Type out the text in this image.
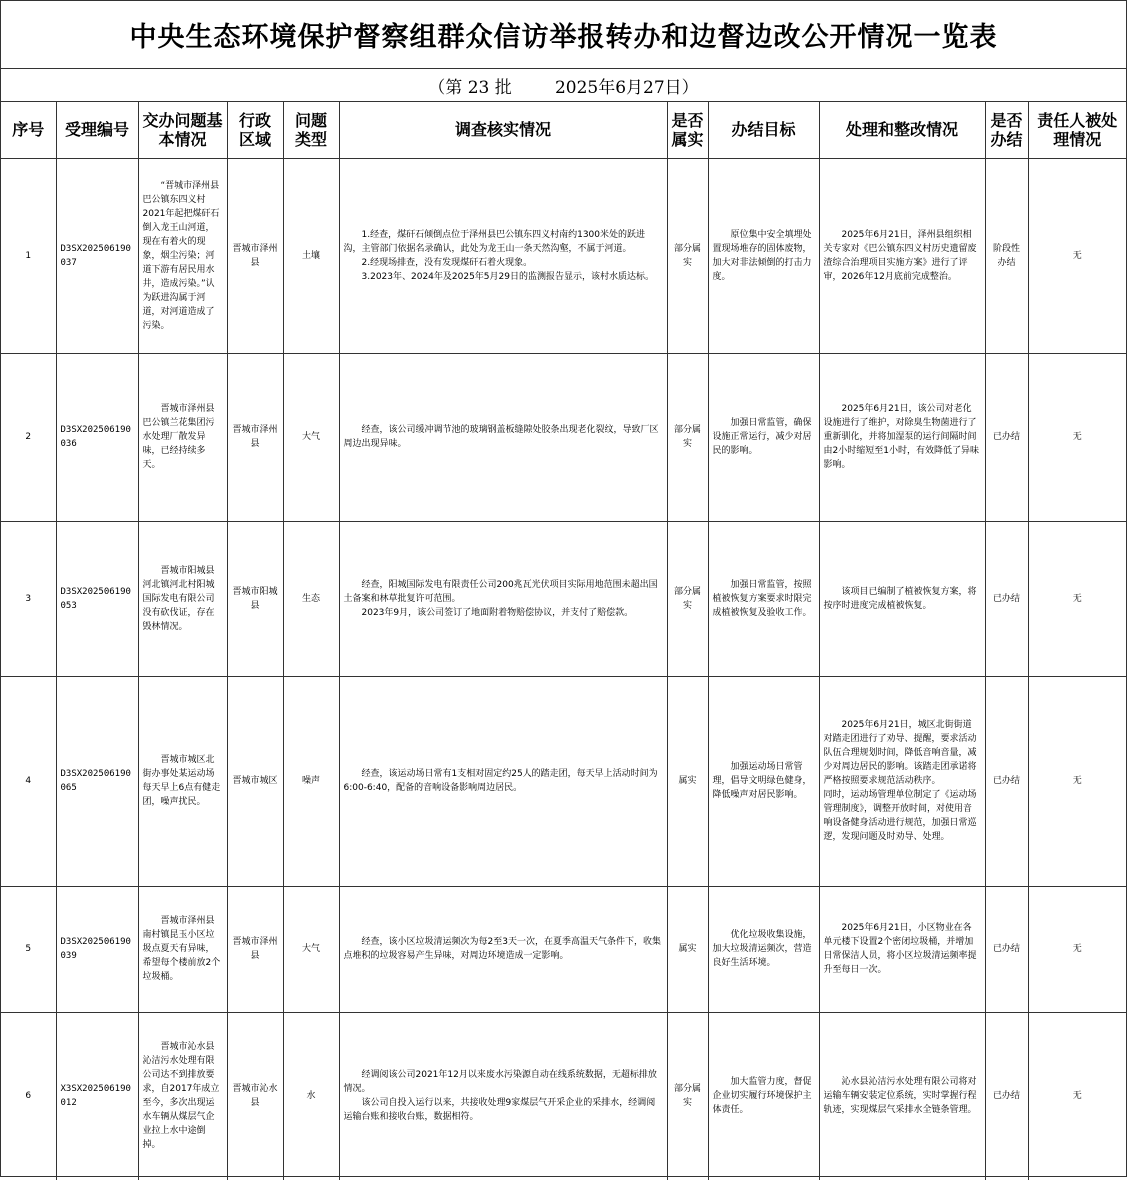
中央生态环境保护督察组群众信访举报转办和边督边改公开情况一览表
（第 23 批        2025年6月27日）
序号	受理编号	交办问题基本情况	行政区域	问题类型	调查核实情况	是否属实	办结目标	处理和整改情况	是否办结	责任人被处理情况
1	D3SX202506190037	“晋城市泽州县巴公镇东四义村2021年起把煤矸石倒入龙王山河道，现在有着火的现象，烟尘污染；河道下游有居民用水井，造成污染。”认为跃进沟属于河道，对河道造成了污染。	晋城市泽州县	土壤	1.经查，煤矸石倾倒点位于泽州县巴公镇东四义村南约1300米处的跃进沟，主管部门依据名录确认，此处为龙王山一条天然沟壑，不属于河道。
2.经现场排查，没有发现煤矸石着火现象。
3.2023年、2024年及2025年5月29日的监测报告显示，该村水质达标。	部分属实	原位集中安全填埋处置现场堆存的固体废物，加大对非法倾倒的打击力度。	2025年6月21日，泽州县组织相关专家对《巴公镇东四义村历史遗留废渣综合治理项目实施方案》进行了评审，2026年12月底前完成整治。	阶段性办结	无
2	D3SX202506190036	晋城市泽州县巴公镇兰花集团污水处理厂散发异味，已经持续多天。	晋城市泽州县	大气	经查，该公司缓冲调节池的玻璃钢盖板缝隙处胶条出现老化裂纹，导致厂区周边出现异味。	部分属实	加强日常监管，确保设施正常运行，减少对居民的影响。	2025年6月21日，该公司对老化设施进行了维护，对除臭生物菌进行了重新驯化，并将加湿泵的运行间隔时间由2小时缩短至1小时，有效降低了异味影响。	已办结	无
3	D3SX202506190053	晋城市阳城县河北镇河北村阳城国际发电有限公司没有砍伐证，存在毁林情况。	晋城市阳城县	生态	经查，阳城国际发电有限责任公司200兆瓦光伏项目实际用地范围未超出国土备案和林草批复许可范围。
2023年9月，该公司签订了地面附着物赔偿协议，并支付了赔偿款。	部分属实	加强日常监管，按照植被恢复方案要求时限完成植被恢复及验收工作。	该项目已编制了植被恢复方案，将按序时进度完成植被恢复。	已办结	无
4	D3SX202506190065	晋城市城区北街办事处某运动场每天早上6点有健走团，噪声扰民。	晋城市城区	噪声	经查，该运动场日常有1支相对固定约25人的踏走团，每天早上活动时间为6:00-6:40，配备的音响设备影响周边居民。	属实	加强运动场日常管理，倡导文明绿色健身，降低噪声对居民影响。	2025年6月21日，城区北街街道对踏走团进行了劝导、提醒，要求活动队伍合理规划时间，降低音响音量，减少对周边居民的影响。该踏走团承诺将严格按照要求规范活动秩序。
同时，运动场管理单位制定了《运动场管理制度》，调整开放时间，对使用音响设备健身活动进行规范，加强日常巡逻，发现问题及时劝导、处理。	已办结	无
5	D3SX202506190039	晋城市泽州县南村镇昆玉小区垃圾点夏天有异味，希望每个楼前放2个垃圾桶。	晋城市泽州县	大气	经查，该小区垃圾清运频次为每2至3天一次，在夏季高温天气条件下，收集点堆积的垃圾容易产生异味，对周边环境造成一定影响。	属实	优化垃圾收集设施，加大垃圾清运频次，营造良好生活环境。	2025年6月21日，小区物业在各单元楼下设置2个密闭垃圾桶，并增加日常保洁人员，将小区垃圾清运频率提升至每日一次。	已办结	无
6	X3SX202506190012	晋城市沁水县沁洁污水处理有限公司达不到排放要求，自2017年成立至今，多次出现运水车辆从煤层气企业拉上水中途倒掉。	晋城市沁水县	水	经调阅该公司2021年12月以来废水污染源自动在线系统数据，无超标排放情况。
该公司自投入运行以来，共接收处理9家煤层气开采企业的采排水，经调阅运输台账和接收台账，数据相符。	部分属实	加大监管力度，督促企业切实履行环境保护主体责任。	沁水县沁洁污水处理有限公司将对运输车辆安装定位系统，实时掌握行程轨迹，实现煤层气采排水全链条管理。	已办结	无
